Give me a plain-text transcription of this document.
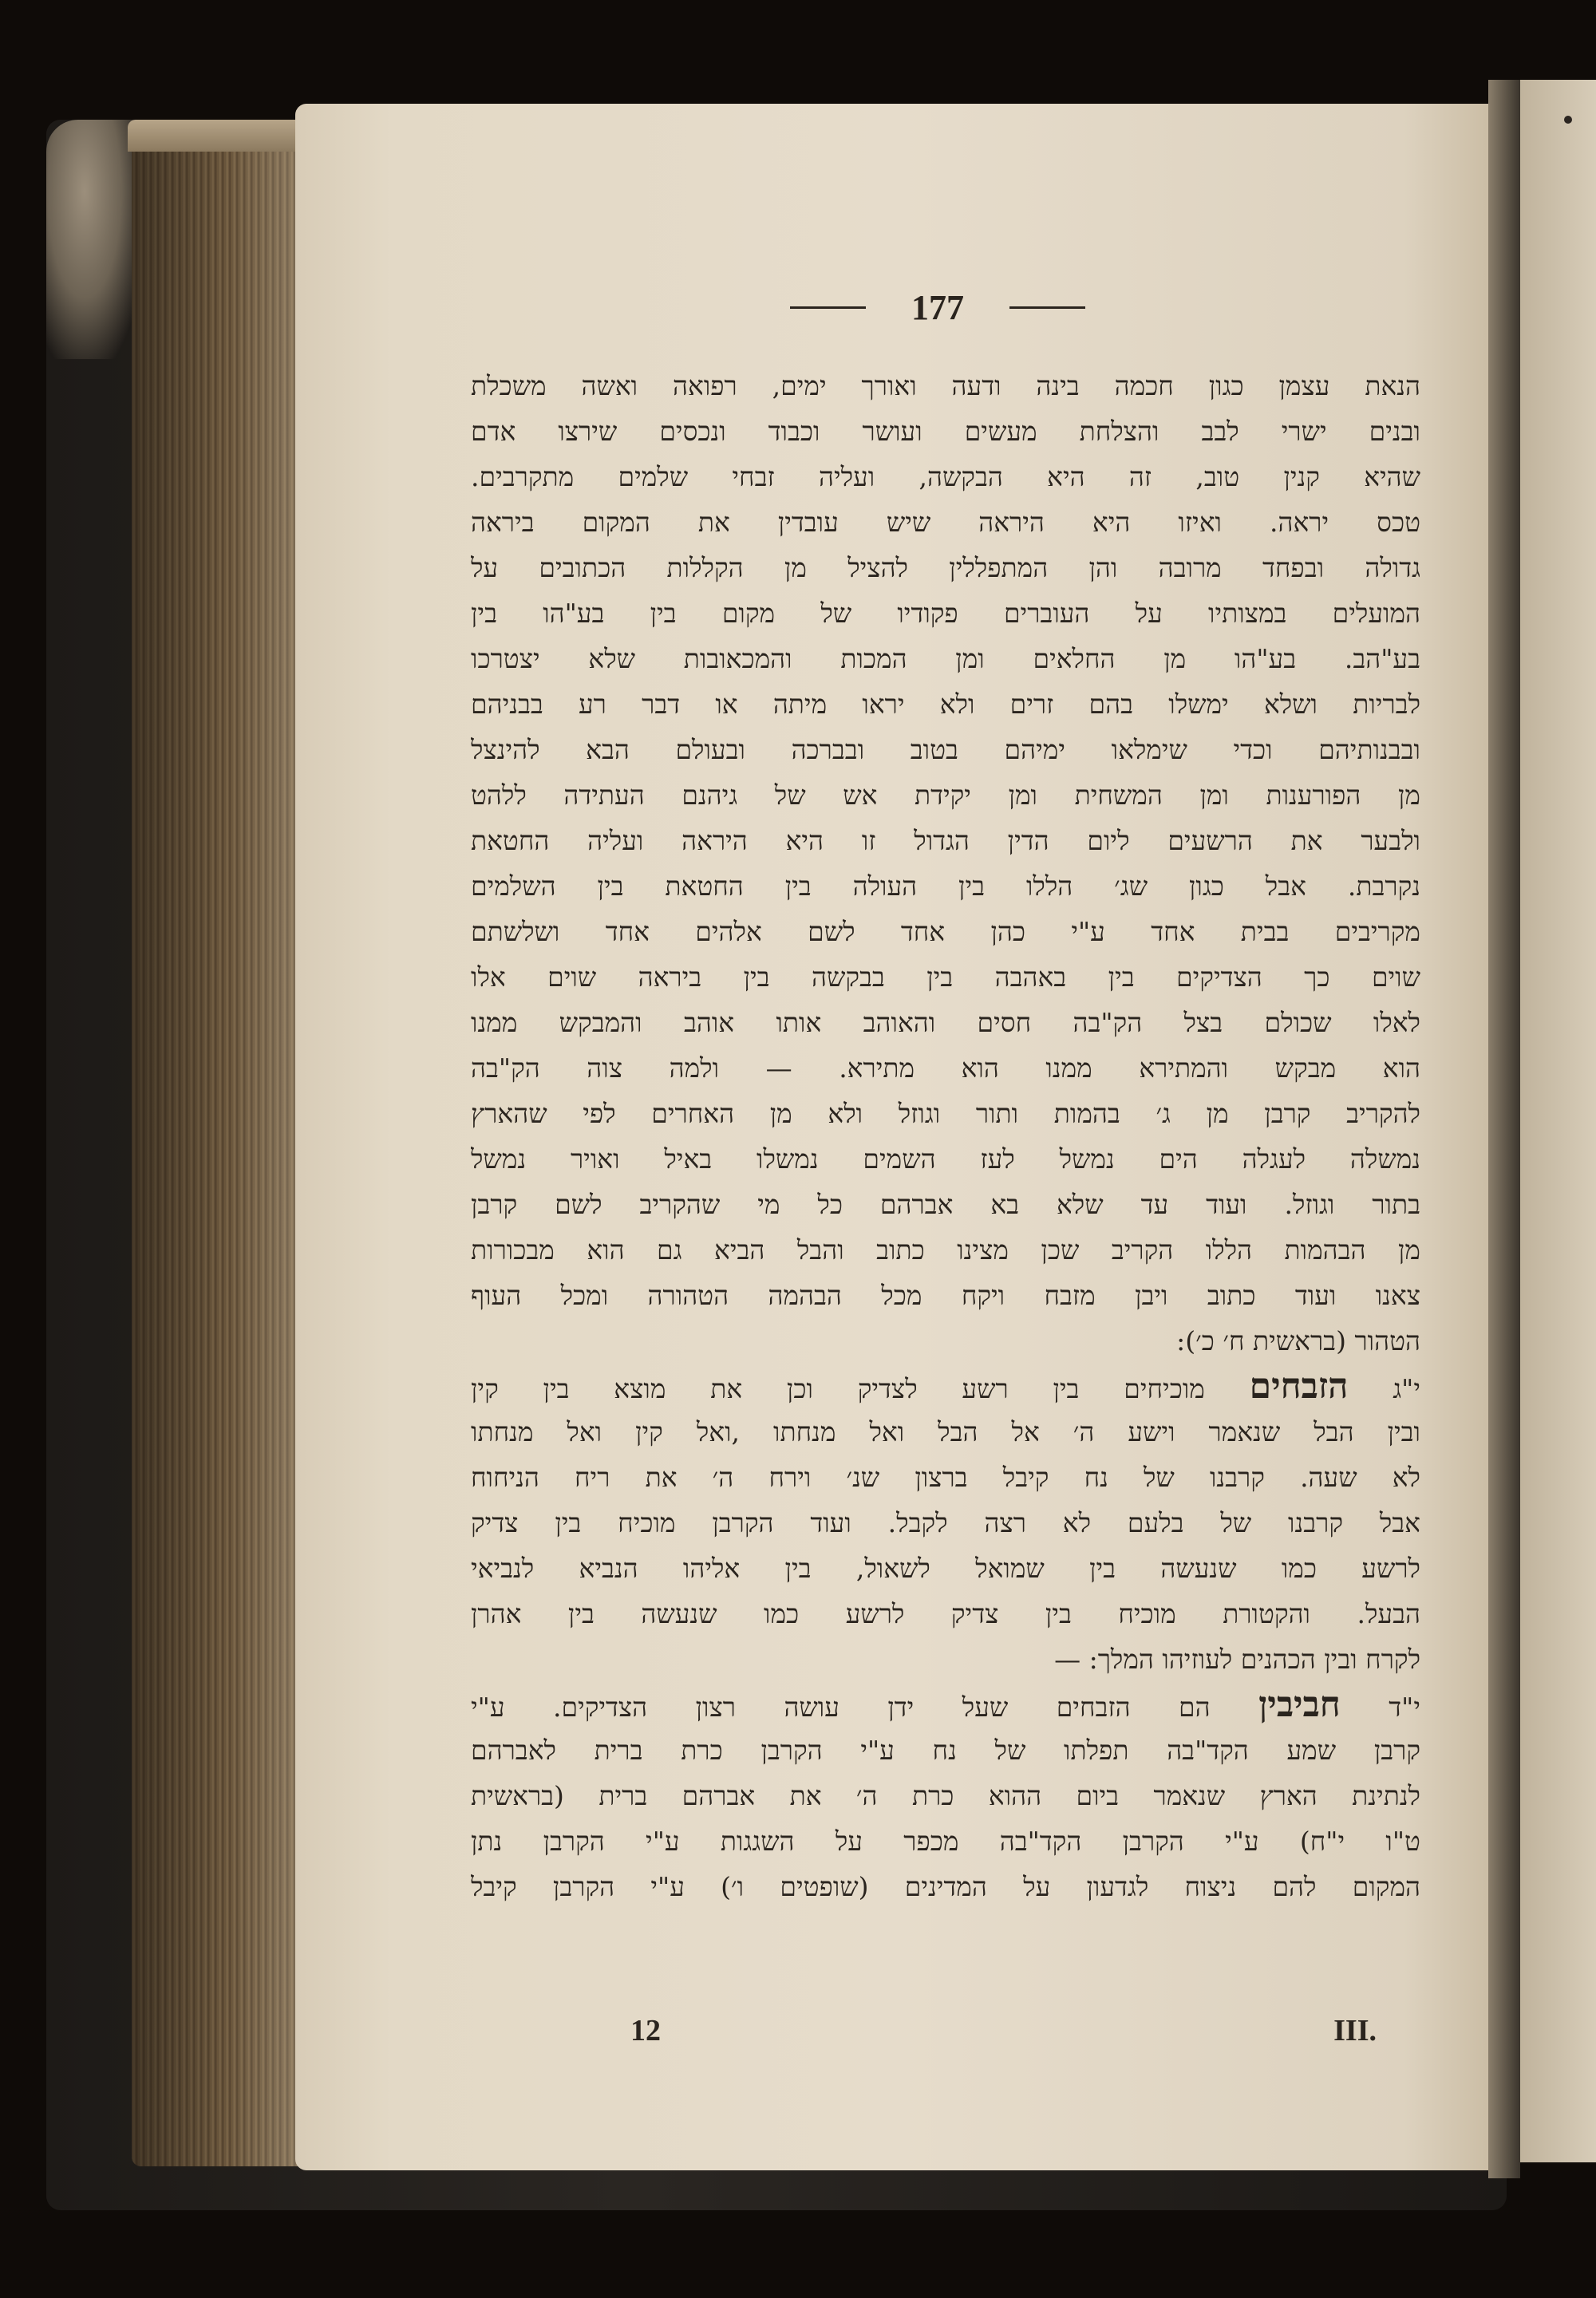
177
הנאת עצמן כגון חכמה בינה ודעה ואורך ימים, רפואה ואשה משכלת
ובנים ישרי לבב והצלחת מעשים ועושר וכבוד ונכסים שירצו אדם
שהיא קנין טוב, זה היא הבקשה, ועליה זבחי שלמים מתקרבים.
טכס יראה. ואיזו היא היראה שיש עובדין את המקום ביראה
גדולה ובפחד מרובה והן המתפללין להציל מן הקללות הכתובים על
המועלים במצותיו על העוברים פקודיו של מקום בין בע"הו בין
בע"הב. בע"הו מן החלאים ומן המכות והמכאובות שלא יצטרכו
לבריות ושלא ימשלו בהם זרים ולא יראו מיתה או דבר רע בבניהם
ובבנותיהם וכדי שימלאו ימיהם בטוב ובברכה ובעולם הבא להינצל
מן הפורענות ומן המשחית ומן יקידת אש של גיהנם העתידה ללהט
ולבער את הרשעים ליום הדין הגדול זו היא היראה ועליה החטאת
נקרבת. אבל כגון שג׳ הללו בין העולה בין החטאת בין השלמים
מקריבים בבית אחד ע"י כהן אחד לשם אלהים אחד ושלשתם
שוים כך הצדיקים בין באהבה בין בבקשה בין ביראה שוים אלו
לאלו שכולם בצל הק"בה חסים והאוהב אותו אוהב והמבקש ממנו
הוא מבקש והמתירא ממנו הוא מתירא. — ולמה צוה הק"בה
להקריב קרבן מן ג׳ בהמות ותור וגוזל ולא מן האחרים לפי שהארץ
נמשלה לעגלה הים נמשל לעז השמים נמשלו באיל ואויר נמשל
בתור וגוזל. ועוד עד שלא בא אברהם כל מי שהקריב לשם קרבן
מן הבהמות הללו הקריב שכן מצינו כתוב והבל הביא גם הוא מבכורות
צאנו ועוד כתוב ויבן מזבח ויקח מכל הבהמה הטהורה ומכל העוף
הטהור (בראשית ח׳ כ׳):
י"ג הזבחים מוכיחים בין רשע לצדיק וכן את מוצא בין קין
ובין הבל שנאמר וישע ה׳ אל הבל ואל מנחתו ,ואל קין ואל מנחתו
לא שעה. קרבנו של נח קיבל ברצון שנ׳ וירח ה׳ את ריח הניחוח
אבל קרבנו של בלעם לא רצה לקבל. ועוד הקרבן מוכיח בין צדיק
לרשע כמו שנעשה בין שמואל לשאול, בין אליהו הנביא לנביאי
הבעל. והקטורת מוכיח בין צדיק לרשע כמו שנעשה בין אהרן
לקרח ובין הכהנים לעוזיהו המלך: —
י"ד חביבין הם הזבחים שעל ידן עושה רצון הצדיקים. ע"י
קרבן שמע הקד"בה תפלתו של נח ע"י הקרבן כרת ברית לאברהם
לנתינת הארץ שנאמר ביום ההוא כרת ה׳ את אברהם ברית (בראשית
ט"ו י"ח) ע"י הקרבן הקד"בה מכפר על השגגות ע"י הקרבן נתן
המקום להם ניצוח לגדעון על המדינים (שופטים ו׳) ע"י הקרבן קיבל
12	III.
